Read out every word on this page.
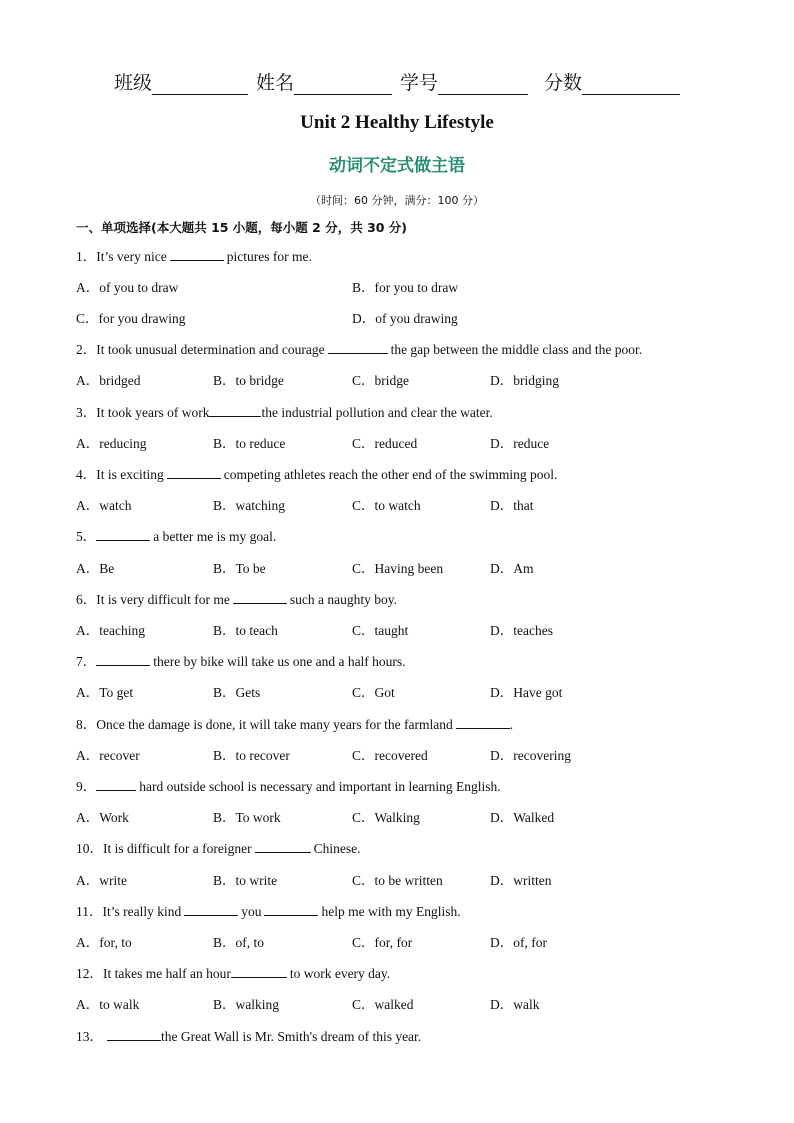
班级	姓名	学号	分数
Unit 2 Healthy Lifestyle
动词不定式做主语
（时间：60 分钟，满分：100 分）
一、单项选择(本大题共 15 小题，每小题 2 分，共 30 分)
1．It’s very nice	pictures for me.
A．of you to draw	B．for you to draw
C．for you drawing	D．of you drawing
2．It took unusual determination and courage	the gap between the middle class and the poor.
A．bridged	B．to bridge	C．bridge	D．bridging
3．It took years of work	the industrial pollution and clear the water.
A．reducing	B．to reduce	C．reduced	D．reduce
4．It is exciting	competing athletes reach the other end of the swimming pool.
A．watch	B．watching	C．to watch	D．that
5．	a better me is my goal.
A．Be	B．To be	C．Having been	D．Am
6．It is very difficult for me	such a naughty boy.
A．teaching	B．to teach	C．taught	D．teaches
7．	there by bike will take us one and a half hours.
A．To get	B．Gets	C．Got	D．Have got
8．Once the damage is done, it will take many years for the farmland	.
A．recover	B．to recover	C．recovered	D．recovering
9．	hard outside school is necessary and important in learning English.
A．Work	B．To work	C．Walking	D．Walked
10．It is difficult for a foreigner	Chinese.
A．write	B．to write	C．to be written	D．written
11．It’s really kind	you	help me with my English.
A．for, to	B．of, to	C．for, for	D．of, for
12．It takes me half an hour	to work every day.
A．to walk	B．walking	C．walked	D．walk
13．	the Great Wall is Mr. Smith's dream of this year.
